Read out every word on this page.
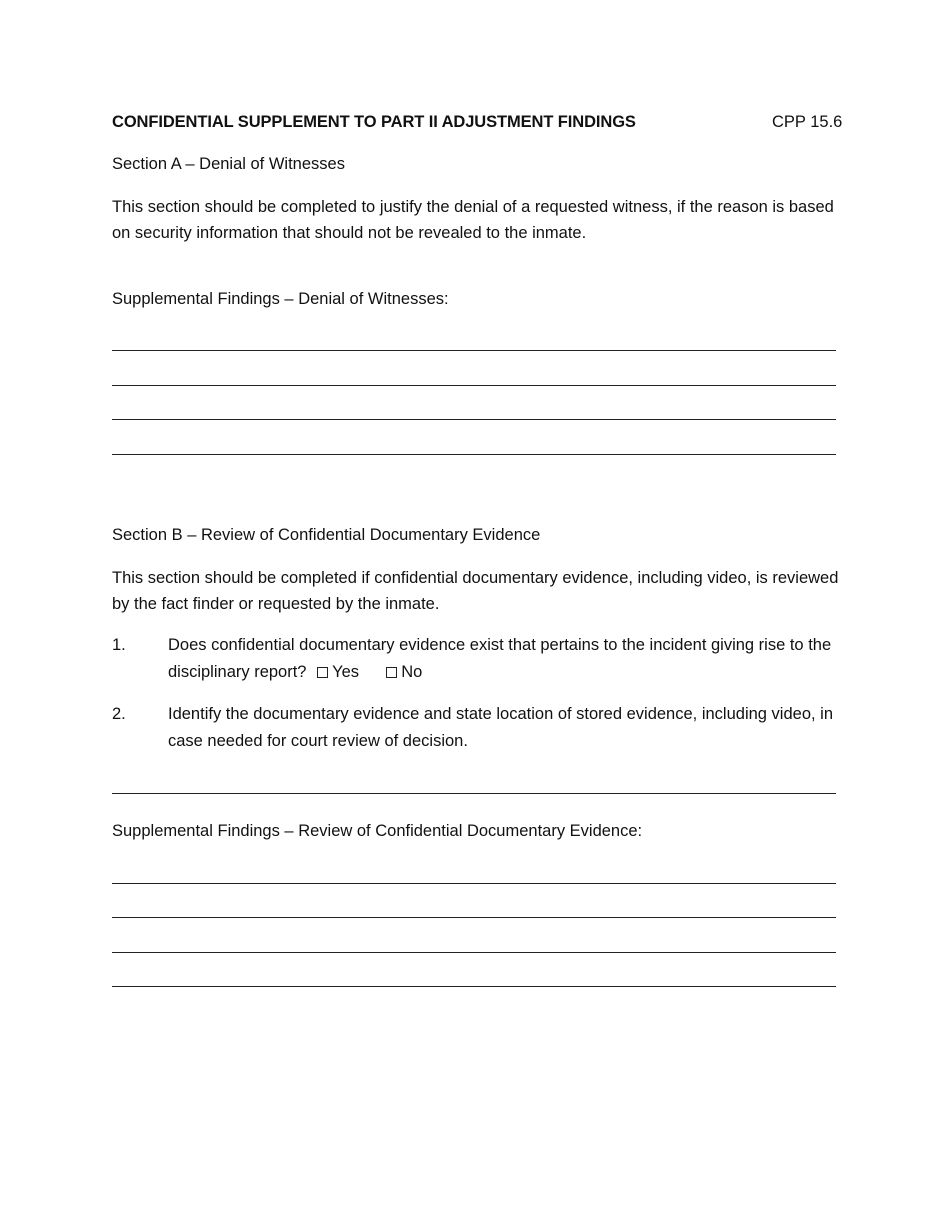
CONFIDENTIAL SUPPLEMENT TO PART II ADJUSTMENT FINDINGS	CPP 15.6
Section A – Denial of Witnesses
This section should be completed to justify the denial of a requested witness, if the reason is based on security information that should not be revealed to the inmate.
Supplemental Findings – Denial of Witnesses:
Section B – Review of Confidential Documentary Evidence
This section should be completed if confidential documentary evidence, including video, is reviewed by the fact finder or requested by the inmate.
1.	Does confidential documentary evidence exist that pertains to the incident giving rise to the disciplinary report? Yes	No
2.	Identify the documentary evidence and state location of stored evidence, including video, in case needed for court review of decision.
Supplemental Findings – Review of Confidential Documentary Evidence:
